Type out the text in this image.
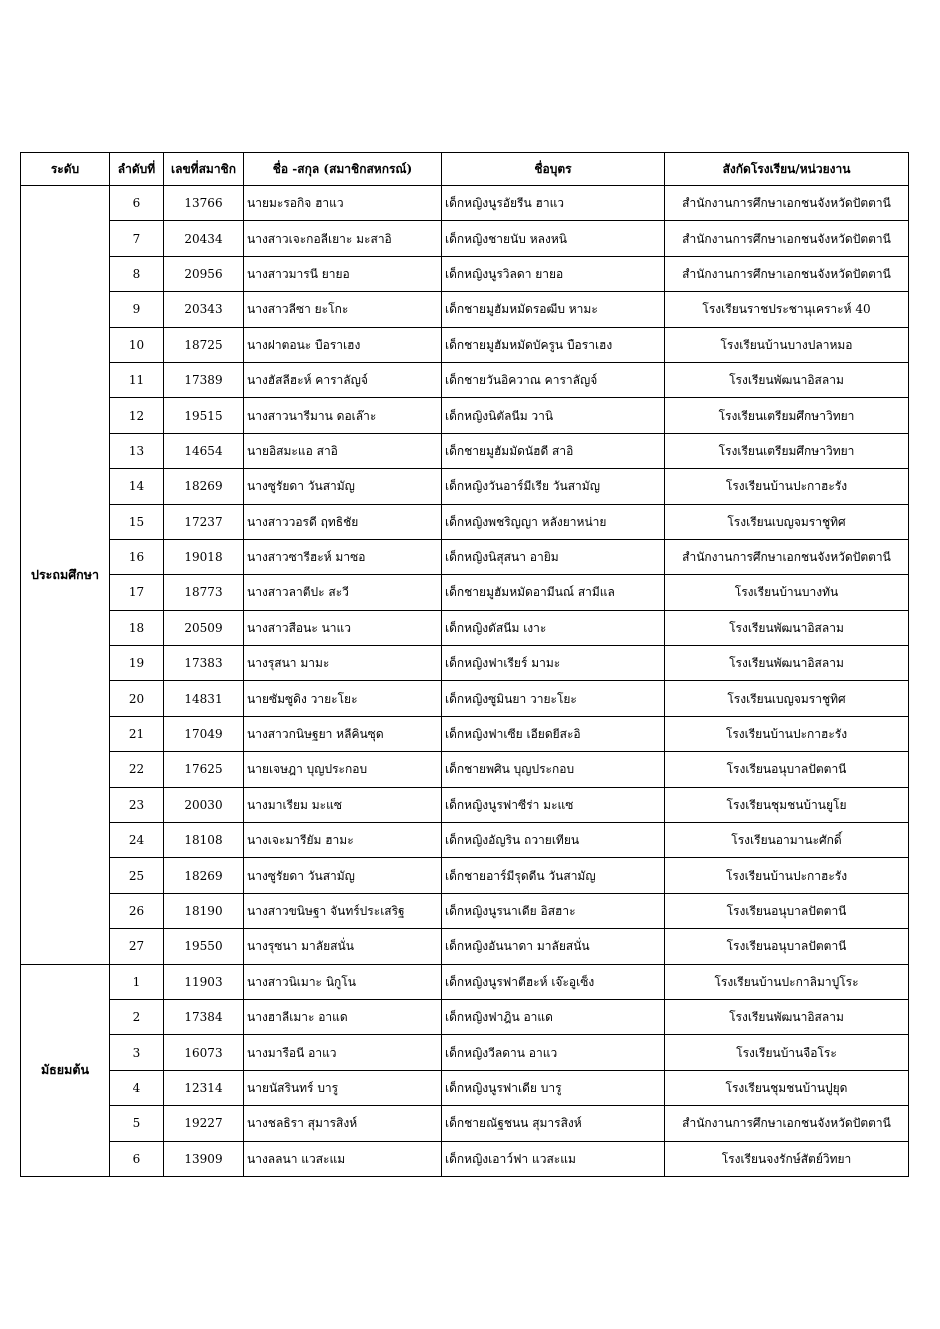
ระดับ	ลำดับที่	เลขที่สมาชิก	ชื่อ -สกุล (สมาชิกสหกรณ์)	ชื่อบุตร	สังกัดโรงเรียน/หน่วยงาน
ประถมศึกษา	6	13766	นายมะรอกิจ ฮาแว	เด็กหญิงนูรอัยรีน ฮาแว	สำนักงานการศึกษาเอกชนจังหวัดปัตตานี
	7	20434	นางสาวเจะกอลีเยาะ มะสาอิ	เด็กหญิงชายนับ หลงหนิ	สำนักงานการศึกษาเอกชนจังหวัดปัตตานี
	8	20956	นางสาวมารนี ยายอ	เด็กหญิงนูรวิลดา ยายอ	สำนักงานการศึกษาเอกชนจังหวัดปัตตานี
	9	20343	นางสาวลีซา ยะโกะ	เด็กชายมูฮัมหมัดรอฒีบ หามะ	โรงเรียนราชประชานุเคราะห์ 40
	10	18725	นางฝาตอนะ บือราเฮง	เด็กชายมูฮัมหมัดบัครูน บือราเฮง	โรงเรียนบ้านบางปลาหมอ
	11	17389	นางฮัสลีฮะห์ คาราลัญจ์	เด็กชายวันอิควาณ คาราลัญจ์	โรงเรียนพัฒนาอิสลาม
	12	19515	นางสาวนารีมาน ดอเล๊าะ	เด็กหญิงนิตัลนีม วานิ	โรงเรียนเตรียมศึกษาวิทยา
	13	14654	นายอิสมะแอ สาอิ	เด็กชายมูฮัมมัดนัฮดี สาอิ	โรงเรียนเตรียมศึกษาวิทยา
	14	18269	นางซูรัยดา วันสามัญ	เด็กหญิงวันอาร์มีเรีย วันสามัญ	โรงเรียนบ้านปะกาฮะรัง
	15	17237	นางสาววอรดี ฤทธิชัย	เด็กหญิงพชริญญา หลังยาหน่าย	โรงเรียนเบญจมราชูทิศ
	16	19018	นางสาวซารีฮะห์ มาซอ	เด็กหญิงนิสุสนา อายิม	สำนักงานการศึกษาเอกชนจังหวัดปัตตานี
	17	18773	นางสาวลาตีปะ สะวี	เด็กชายมูฮัมหมัดอามีนณ์ สามีแล	โรงเรียนบ้านบางทัน
	18	20509	นางสาวสือนะ นาแว	เด็กหญิงดัสนีม เงาะ	โรงเรียนพัฒนาอิสลาม
	19	17383	นางรุสนา มามะ	เด็กหญิงฟาเรียร์ มามะ	โรงเรียนพัฒนาอิสลาม
	20	14831	นายซัมซูดิง วายะโยะ	เด็กหญิงซูมินยา วายะโยะ	โรงเรียนเบญจมราชูทิศ
	21	17049	นางสาวกนิษฐยา หลีคินซุด	เด็กหญิงฟาเซีย เอียดยีสะอิ	โรงเรียนบ้านปะกาฮะรัง
	22	17625	นายเจษฎา บุญประกอบ	เด็กชายพศิน บุญประกอบ	โรงเรียนอนุบาลปัตตานี
	23	20030	นางมาเรียม มะแซ	เด็กหญิงนูรฟาซีร่า มะแซ	โรงเรียนชุมชนบ้านยูโย
	24	18108	นางเจะมารียัม ฮามะ	เด็กหญิงอัญริน ถวายเทียน	โรงเรียนอามานะศักดิ์
	25	18269	นางซูรัยดา วันสามัญ	เด็กชายอาร์มีรุดดีน วันสามัญ	โรงเรียนบ้านปะกาฮะรัง
	26	18190	นางสาวขนิษฐา จันทร์ประเสริฐ	เด็กหญิงนูรนาเดีย อิสฮาะ	โรงเรียนอนุบาลปัตตานี
	27	19550	นางรุซนา มาลัยสนั่น	เด็กหญิงอันนาดา มาลัยสนั่น	โรงเรียนอนุบาลปัตตานี
มัธยมต้น	1	11903	นางสาวนิเมาะ นิกูโน	เด็กหญิงนูรฟาตีฮะห์ เจ๊ะอูเซ็ง	โรงเรียนบ้านปะกาลิมาปูโระ
	2	17384	นางฮาลีเมาะ อาแด	เด็กหญิงฟาฎิน อาแด	โรงเรียนพัฒนาอิสลาม
	3	16073	นางมารือนี อาแว	เด็กหญิงวีลดาน อาแว	โรงเรียนบ้านจือโระ
	4	12314	นายนัสรินทร์ บารู	เด็กหญิงนูรฟาเดีย บารู	โรงเรียนชุมชนบ้านปูยุด
	5	19227	นางชลธิรา สุมารสิงห์	เด็กชายณัฐชนน สุมารสิงห์	สำนักงานการศึกษาเอกชนจังหวัดปัตตานี
	6	13909	นางลลนา แวสะแม	เด็กหญิงเอาว์ฟา แวสะแม	โรงเรียนจงรักษ์สัตย์วิทยา
